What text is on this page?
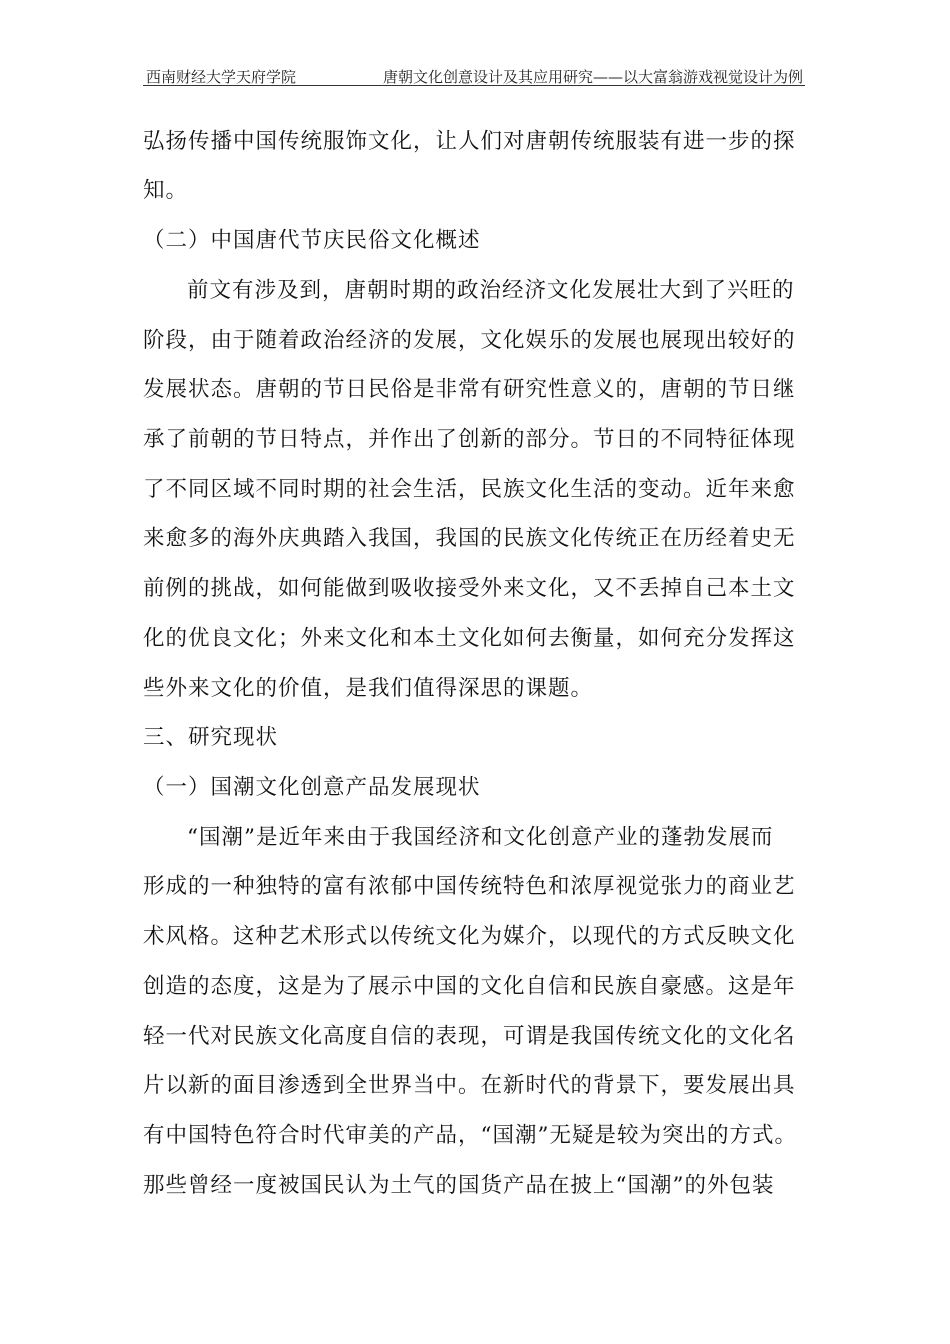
西南财经大学天府学院	唐朝文化创意设计及其应用研究——以大富翁游戏视觉设计为例
弘扬传播中国传统服饰文化，让人们对唐朝传统服装有进一步的探
知。
（二）中国唐代节庆民俗文化概述
前文有涉及到，唐朝时期的政治经济文化发展壮大到了兴旺的
阶段，由于随着政治经济的发展，文化娱乐的发展也展现出较好的
发展状态。唐朝的节日民俗是非常有研究性意义的，唐朝的节日继
承了前朝的节日特点，并作出了创新的部分。节日的不同特征体现
了不同区域不同时期的社会生活，民族文化生活的变动。近年来愈
来愈多的海外庆典踏入我国，我国的民族文化传统正在历经着史无
前例的挑战，如何能做到吸收接受外来文化，又不丢掉自己本土文
化的优良文化；外来文化和本土文化如何去衡量，如何充分发挥这
些外来文化的价值，是我们值得深思的课题。
三、研究现状
（一）国潮文化创意产品发展现状
“国潮”是近年来由于我国经济和文化创意产业的蓬勃发展而
形成的一种独特的富有浓郁中国传统特色和浓厚视觉张力的商业艺
术风格。这种艺术形式以传统文化为媒介，以现代的方式反映文化
创造的态度，这是为了展示中国的文化自信和民族自豪感。这是年
轻一代对民族文化高度自信的表现，可谓是我国传统文化的文化名
片以新的面目渗透到全世界当中。在新时代的背景下，要发展出具
有中国特色符合时代审美的产品，“国潮”无疑是较为突出的方式。
那些曾经一度被国民认为土气的国货产品在披上“国潮”的外包装
